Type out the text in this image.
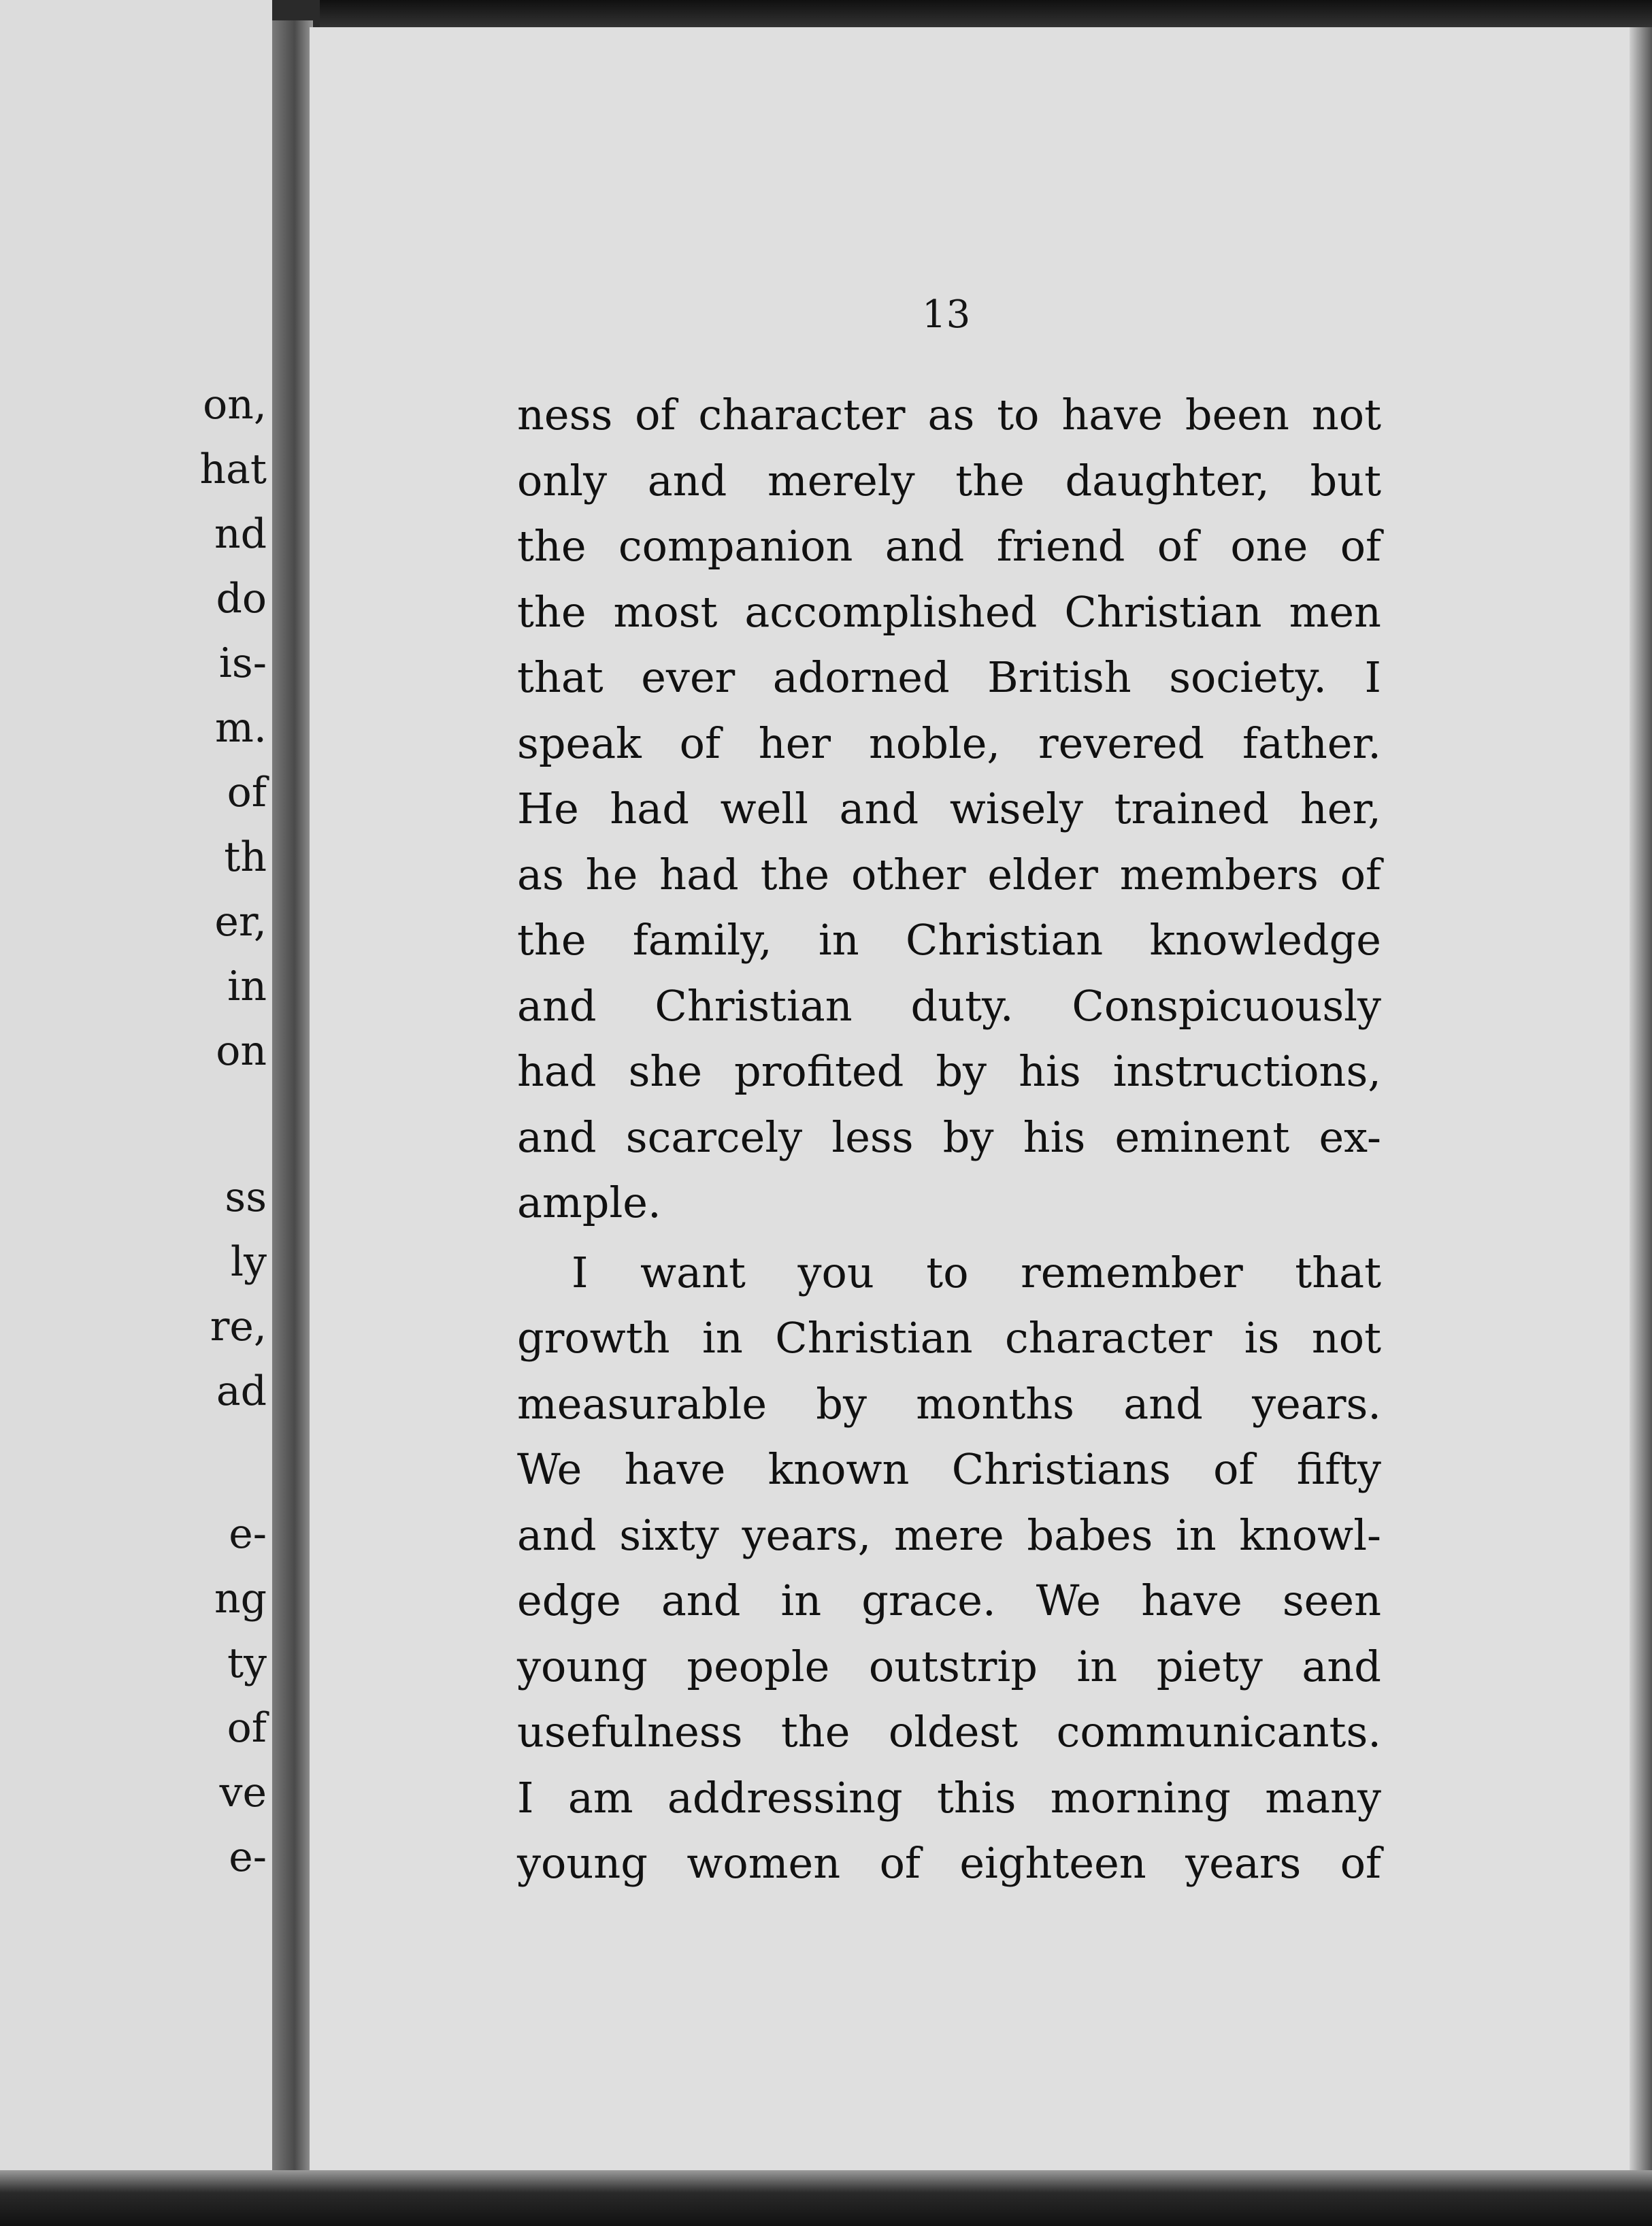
on,
hat
nd
do
is-
m.
of
th
er,
in
on
ss
ly
re,
ad
e-
ng
ty
of
ve
e-
13
ness of character as to have been not
only and merely the daughter, but
the companion and friend of one of
the most accomplished Christian men
that ever adorned British society. I
speak of her noble, revered father.
He had well and wisely trained her,
as he had the other elder members of
the family, in Christian knowledge
and Christian duty. Conspicuously
had she profited by his instructions,
and scarcely less by his eminent ex-
ample.
I want you to remember that
growth in Christian character is not
measurable by months and years.
We have known Christians of fifty
and sixty years, mere babes in knowl-
edge and in grace. We have seen
young people outstrip in piety and
usefulness the oldest communicants.
I am addressing this morning many
young women of eighteen years of
